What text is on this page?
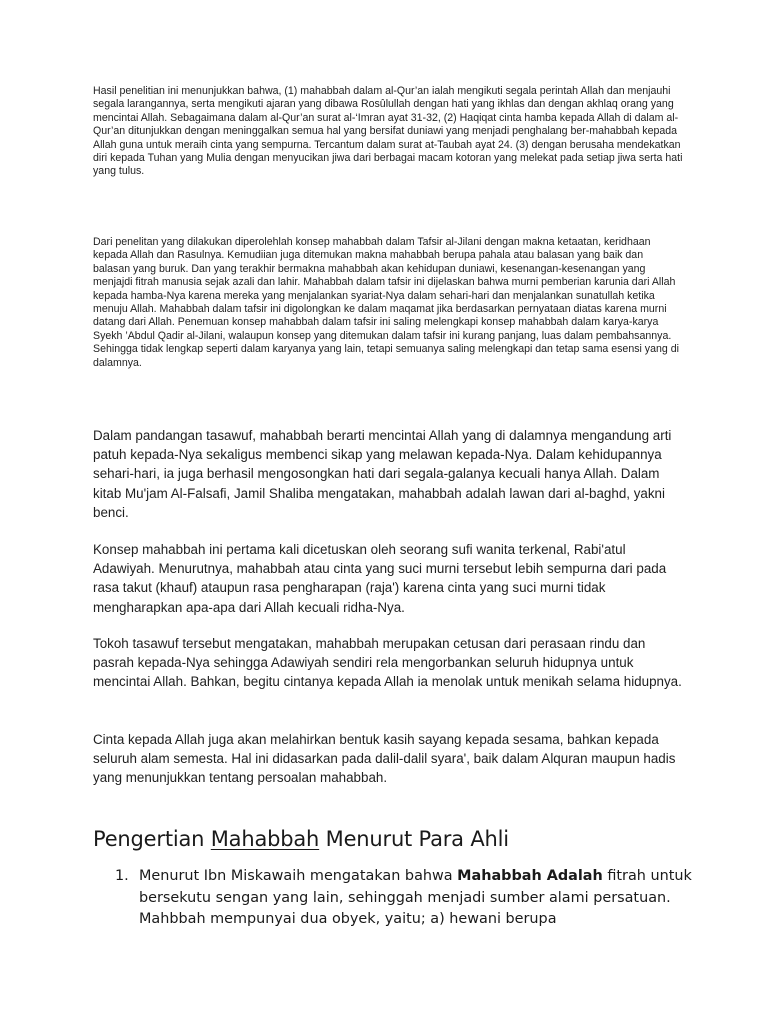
Hasil penelitian ini menunjukkan bahwa, (1) mahabbah dalam al-Qur’an ialah mengikuti segala perintah Allah dan menjauhi segala larangannya, serta mengikuti ajaran yang dibawa Rosûlullah dengan hati yang ikhlas dan dengan akhlaq orang yang mencintai Allah. Sebagaimana dalam al-Qur’an surat al-‘Imran ayat 31-32, (2) Haqiqat cinta hamba kepada Allah di dalam al-Qur’an ditunjukkan dengan meninggalkan semua hal yang bersifat duniawi yang menjadi penghalang ber-mahabbah kepada Allah guna untuk meraih cinta yang sempurna. Tercantum dalam surat at-Taubah ayat 24. (3) dengan berusaha mendekatkan diri kepada Tuhan yang Mulia dengan menyucikan jiwa dari berbagai macam kotoran yang melekat pada setiap jiwa serta hati yang tulus.

Dari penelitan yang dilakukan diperolehlah konsep mahabbah dalam Tafsir al-Jilani dengan makna ketaatan, keridhaan kepada Allah dan Rasulnya. Kemudiian juga ditemukan makna mahabbah berupa pahala atau balasan yang baik dan balasan yang buruk. Dan yang terakhir bermakna mahabbah akan kehidupan duniawi, kesenangan-kesenangan yang menjajdi fitrah manusia sejak azali dan lahir. Mahabbah dalam tafsir ini dijelaskan bahwa murni pemberian karunia dari Allah kepada hamba-Nya karena mereka yang menjalankan syariat-Nya dalam sehari-hari dan menjalankan sunatullah ketika menuju Allah. Mahabbah dalam tafsir ini digolongkan ke dalam maqamat jika berdasarkan pernyataan diatas karena murni datang dari Allah. Penemuan konsep mahabbah dalam tafsir ini saling melengkapi konsep mahabbah dalam karya-karya Syekh ’Abdul Qadir al-Jilani, walaupun konsep yang ditemukan dalam tafsir ini kurang panjang, luas dalam pembahsannya. Sehingga tidak lengkap seperti dalam karyanya yang lain, tetapi semuanya saling melengkapi dan tetap sama esensi yang di dalamnya.

Dalam pandangan tasawuf, mahabbah berarti mencintai Allah yang di dalamnya mengandung arti patuh kepada-Nya sekaligus membenci sikap yang melawan kepada-Nya. Dalam kehidupannya sehari-hari, ia juga berhasil mengosongkan hati dari segala-galanya kecuali hanya Allah. Dalam kitab Mu'jam Al-Falsafi, Jamil Shaliba mengatakan, mahabbah adalah lawan dari al-baghd, yakni benci.

Konsep mahabbah ini pertama kali dicetuskan oleh seorang sufi wanita terkenal, Rabi'atul Adawiyah. Menurutnya, mahabbah atau cinta yang suci murni tersebut lebih sempurna dari pada rasa takut (khauf) ataupun rasa pengharapan (raja') karena cinta yang suci murni tidak mengharapkan apa-apa dari Allah kecuali ridha-Nya.

Tokoh tasawuf tersebut mengatakan, mahabbah merupakan cetusan dari perasaan rindu dan pasrah kepada-Nya sehingga Adawiyah sendiri rela mengorbankan seluruh hidupnya untuk mencintai Allah. Bahkan, begitu cintanya kepada Allah ia menolak untuk menikah selama hidupnya.

Cinta kepada Allah juga akan melahirkan bentuk kasih sayang kepada sesama, bahkan kepada seluruh alam semesta. Hal ini didasarkan pada dalil-dalil syara', baik dalam Alquran maupun hadis yang menunjukkan tentang persoalan mahabbah.

Pengertian Mahabbah Menurut Para Ahli
1. Menurut Ibn Miskawaih mengatakan bahwa Mahabbah Adalah fitrah untuk bersekutu sengan yang lain, sehinggah menjadi sumber alami persatuan. Mahbbah mempunyai dua obyek, yaitu; a) hewani berupa
